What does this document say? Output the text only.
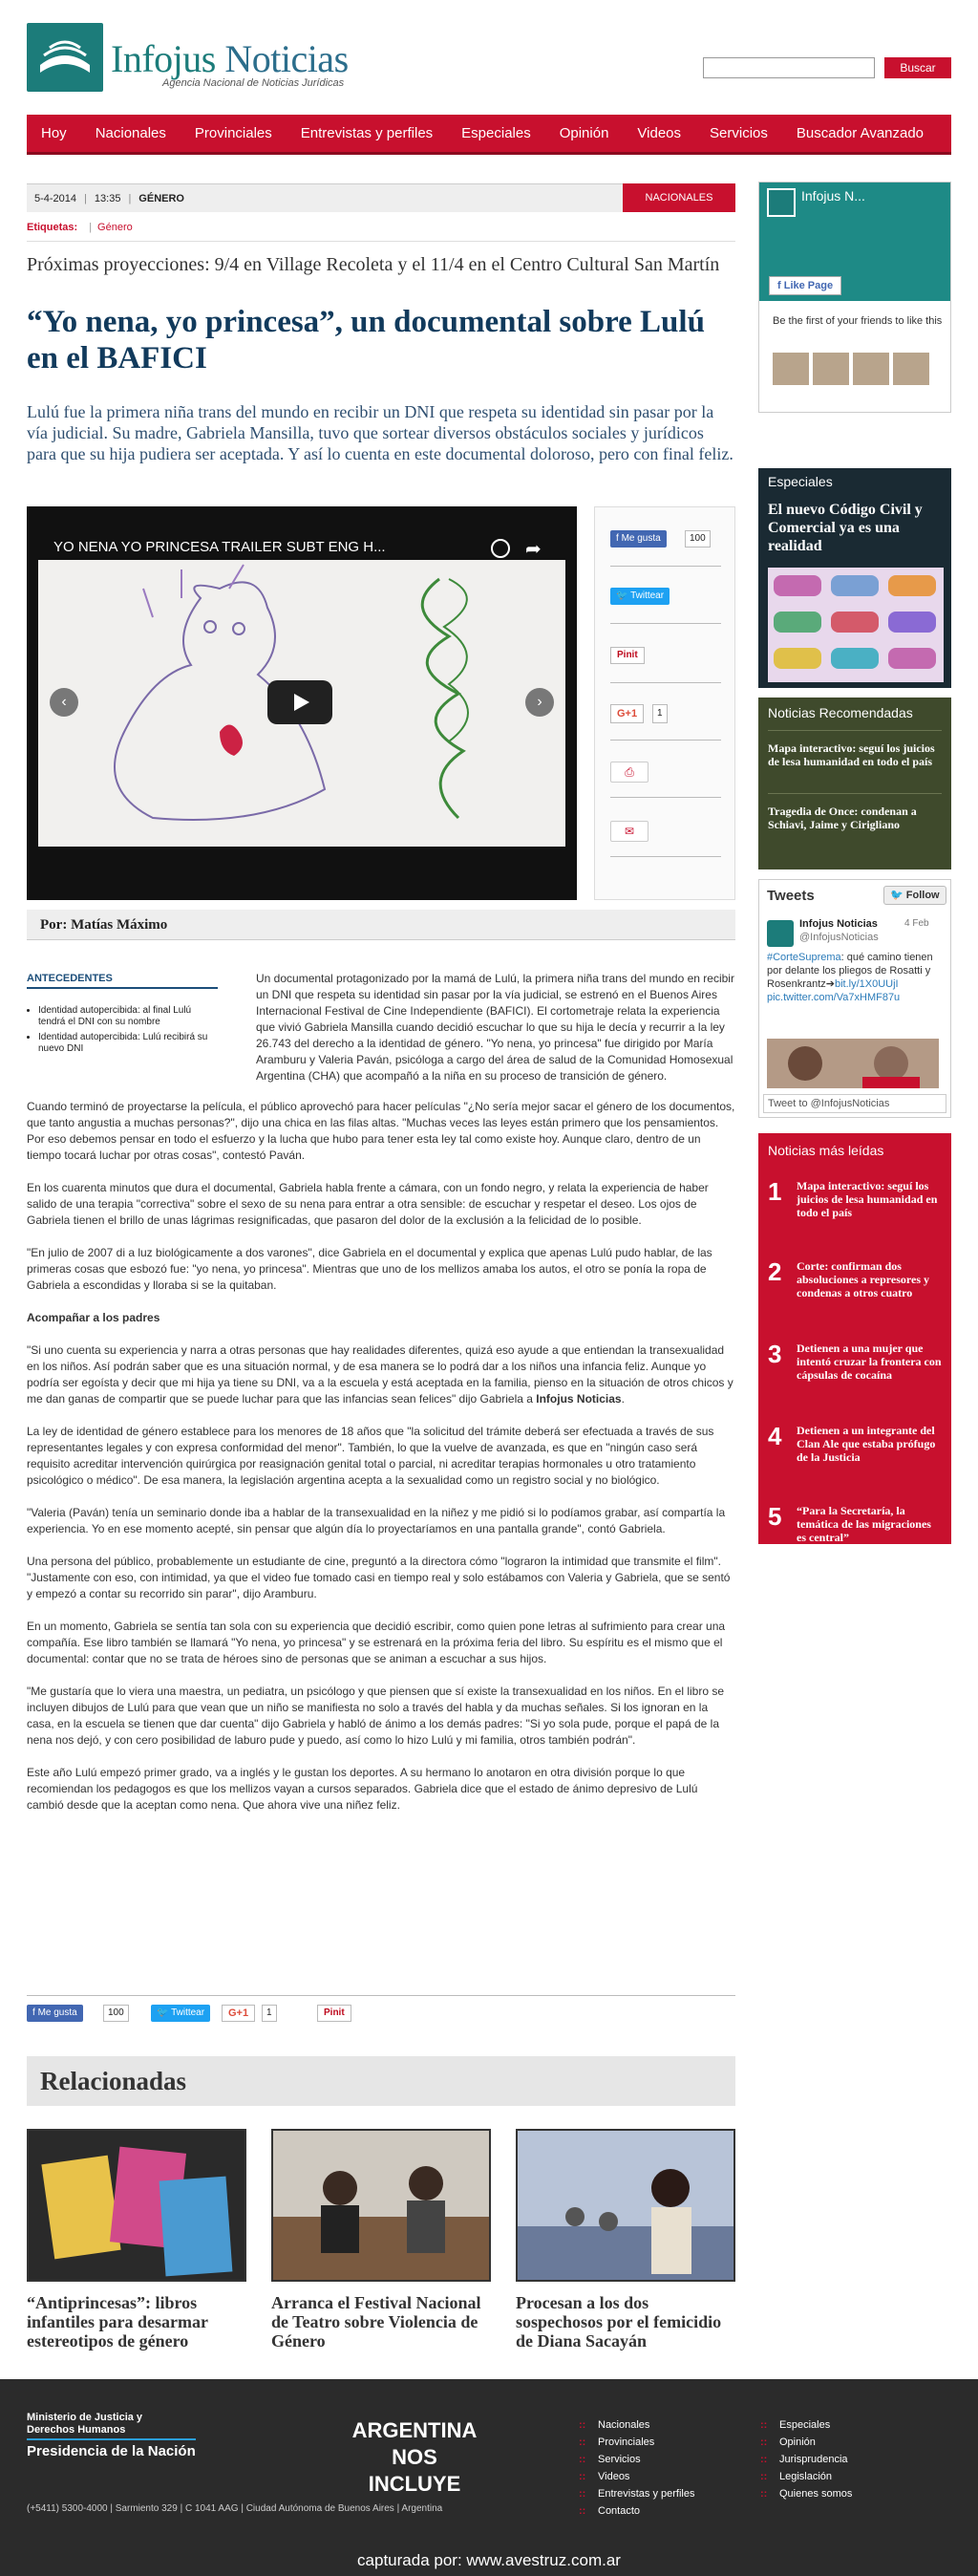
Infojus Noticias
Agencia Nacional de Noticias Jurídicas
Buscar
Hoy	Nacionales	Provinciales	Entrevistas y perfiles	Especiales	Opinión	Videos	Servicios	Buscador Avanzado
5-4-2014 | 13:35 | GÉNERO	NACIONALES
Etiquetas: | Género
Próximas proyecciones: 9/4 en Village Recoleta y el 11/4 en el Centro Cultural San Martín
“Yo nena, yo princesa”, un documental sobre Lulú en el BAFICI
Lulú fue la primera niña trans del mundo en recibir un DNI que respeta su identidad sin pasar por la vía judicial. Su madre, Gabriela Mansilla, tuvo que sortear diversos obstáculos sociales y jurídicos para que su hija pudiera ser aceptada. Y así lo cuenta en este documental doloroso, pero con final feliz.
YO NENA YO PRINCESA TRAILER SUBT ENG H...	➦
‹	›
f Me gusta	100
🐦 Twittear
Pinit
G+1	1
⎙
✉
Por: Matías Máximo
ANTECEDENTES
• Identidad autopercibida: al final Lulú tendrá el DNI con su nombre
• Identidad autopercibida: Lulú recibirá su nuevo DNI
Un documental protagonizado por la mamá de Lulú, la primera niña trans del mundo en recibir un DNI que respeta su identidad sin pasar por la vía judicial, se estrenó en el Buenos Aires Internacional Festival de Cine Independiente (BAFICI). El cortometraje relata la experiencia que vivió Gabriela Mansilla cuando decidió escuchar lo que su hija le decía y recurrir a la ley 26.743 del derecho a la identidad de género. "Yo nena, yo princesa" fue dirigido por María Aramburu y Valeria Paván, psicóloga a cargo del área de salud de la Comunidad Homosexual Argentina (CHA) que acompañó a la niña en su proceso de transición de género.

Cuando terminó de proyectarse la película, el público aprovechó para hacer pelícuIas "¿No sería mejor sacar el género de los documentos, que tanto angustia a muchas personas?", dijo una chica en las filas altas. "Muchas veces las leyes están primero que los pensamientos. Por eso debemos pensar en todo el esfuerzo y la lucha que hubo para tener esta ley tal como existe hoy. Aunque claro, dentro de un tiempo tocará luchar por otras cosas", contestó Paván.

En los cuarenta minutos que dura el documental, Gabriela habla frente a cámara, con un fondo negro, y relata la experiencia de haber salido de una terapia "correctiva" sobre el sexo de su nena para entrar a otra sensible: de escuchar y respetar el deseo. Los ojos de Gabriela tienen el brillo de unas lágrimas resignificadas, que pasaron del dolor de la exclusión a la felicidad de lo posible.

"En julio de 2007 di a luz biológicamente a dos varones", dice Gabriela en el documental y explica que apenas Lulú pudo hablar, de las primeras cosas que esbozó fue: "yo nena, yo princesa". Mientras que uno de los mellizos amaba los autos, el otro se ponía la ropa de Gabriela a escondidas y lloraba si se la quitaban.

Acompañar a los padres

"Si uno cuenta su experiencia y narra a otras personas que hay realidades diferentes, quizá eso ayude a que entiendan la transexualidad en los niños. Así podrán saber que es una situación normal, y de esa manera se lo podrá dar a los niños una infancia feliz. Aunque yo podría ser egoísta y decir que mi hija ya tiene su DNI, va a la escuela y está aceptada en la familia, pienso en la situación de otros chicos y me dan ganas de compartir que se puede luchar para que las infancias sean felices" dijo Gabriela a Infojus Noticias.

La ley de identidad de género establece para los menores de 18 años que "la solicitud del trámite deberá ser efectuada a través de sus representantes legales y con expresa conformidad del menor". También, lo que la vuelve de avanzada, es que en "ningún caso será requisito acreditar intervención quirúrgica por reasignación genital total o parcial, ni acreditar terapias hormonales u otro tratamiento psicológico o médico". De esa manera, la legislación argentina acepta a la sexualidad como un registro social y no biológico.

"Valeria (Paván) tenía un seminario donde iba a hablar de la transexualidad en la niñez y me pidió si lo podíamos grabar, así compartía la experiencia. Yo en ese momento acepté, sin pensar que algún día lo proyectaríamos en una pantalla grande", contó Gabriela.

Una persona del público, probablemente un estudiante de cine, preguntó a la directora cómo "lograron la intimidad que transmite el film". "Justamente con eso, con intimidad, ya que el video fue tomado casi en tiempo real y solo estábamos con Valeria y Gabriela, que se sentó y empezó a contar su recorrido sin parar", dijo Aramburu.

En un momento, Gabriela se sentía tan sola con su experiencia que decidió escribir, como quien pone letras al sufrimiento para crear una compañía. Ese libro también se llamará "Yo nena, yo princesa" y se estrenará en la próxima feria del libro. Su espíritu es el mismo que el documental: contar que no se trata de héroes sino de personas que se animan a escuchar a sus hijos.

"Me gustaría que lo viera una maestra, un pediatra, un psicólogo y que piensen que sí existe la transexualidad en los niños. En el libro se incluyen dibujos de Lulú para que vean que un niño se manifiesta no solo a través del habla y da muchas señales. Si los ignoran en la casa, en la escuela se tienen que dar cuenta" dijo Gabriela y habló de ánimo a los demás padres: "Si yo sola pude, porque el papá de la nena nos dejó, y con cero posibilidad de laburo pude y puedo, así como lo hizo Lulú y mi familia, otros también podrán".

Este año Lulú empezó primer grado, va a inglés y le gustan los deportes. A su hermano lo anotaron en otra división porque lo que recomiendan los pedagogos es que los mellizos vayan a cursos separados. Gabriela dice que el estado de ánimo depresivo de Lulú cambió desde que la aceptan como nena. Que ahora vive una niñez feliz.

f Me gusta	100	🐦 Twittear	G+1	1	Pinit
Relacionadas
“Antiprincesas”: libros infantiles para desarmar estereotipos de género
Arranca el Festival Nacional de Teatro sobre Violencia de Género
Procesan a los dos sospechosos por el femicidio de Diana Sacayán
Infojus N...
f Like Page
Be the first of your friends to like this
Especiales
El nuevo Código Civil y Comercial ya es una realidad
Noticias Recomendadas
Mapa interactivo: seguí los juicios de lesa humanidad en todo el país
Tragedia de Once: condenan a Schiavi, Jaime y Cirigliano
Tweets	🐦 Follow
Infojus Noticias
@InfojusNoticias
4 Feb
#CorteSuprema: qué camino tienen por delante los pliegos de Rosatti y Rosenkrantz➔bit.ly/1X0UUjI
pic.twitter.com/Va7xHMF87u
Tweet to @InfojusNoticias
Noticias más leídas
1 Mapa interactivo: seguí los juicios de lesa humanidad en todo el país
2 Corte: confirman dos absoluciones a represores y condenas a otros cuatro
3 Detienen a una mujer que intentó cruzar la frontera con cápsulas de cocaína
4 Detienen a un integrante del Clan Ale que estaba prófugo de la Justicia
5 “Para la Secretaría, la temática de las migraciones es central”
Ministerio de Justicia y Derechos Humanos
Presidencia de la Nación
(+5411) 5300-4000 | Sarmiento 329 | C 1041 AAG | Ciudad Autónoma de Buenos Aires | Argentina
ARGENTINA
NOS INCLUYE
:: Nacionales
:: Provinciales
:: Servicios
:: Videos
:: Entrevistas y perfiles
:: Contacto
:: Especiales
:: Opinión
:: Jurisprudencia
:: Legislación
:: Quienes somos
capturada por: www.avestruz.com.ar
